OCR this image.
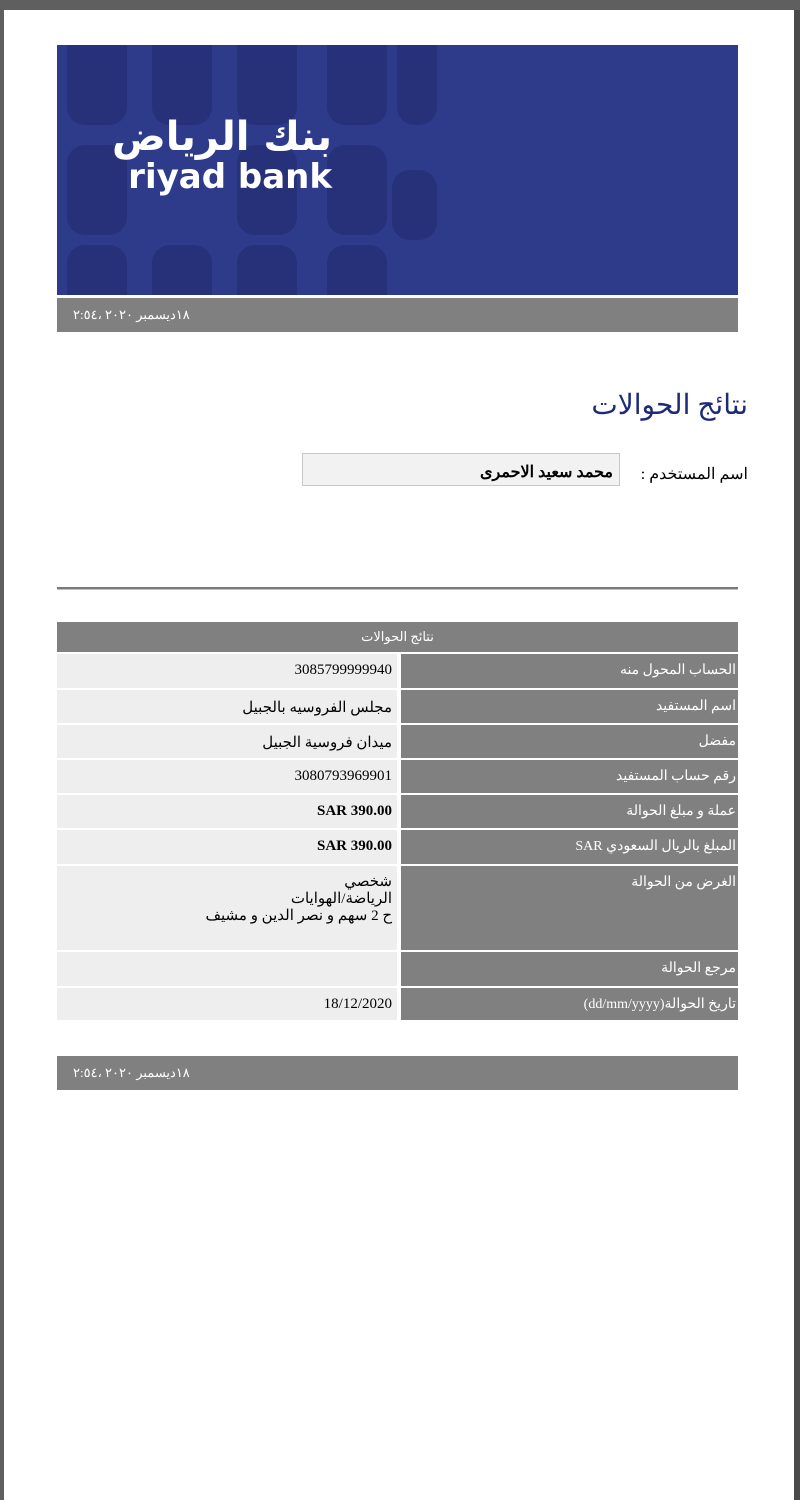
بنك الرياض
riyad bank
١٨ديسمبر ٢٠٢٠ ،٢:٥٤
نتائج الحوالات
اسم المستخدم :
محمد سعيد الاحمرى
نتائج الحوالات
الحساب المحول منه
3085799999940
اسم المستفيد
مجلس الفروسيه بالجبيل
مفضل
ميدان فروسية الجبيل
رقم حساب المستفيد
3080793969901
عملة و مبلغ الحوالة
SAR 390.00
المبلغ بالريال السعودي SAR
SAR 390.00
الغرض من الحوالة
شخصي
الرياضة/الهوايات
ح 2 سهم و نصر الدين و مشيف
مرجع الحوالة
تاريخ الحوالة(dd/mm/yyyy)
18/12/2020
١٨ديسمبر ٢٠٢٠ ،٢:٥٤
